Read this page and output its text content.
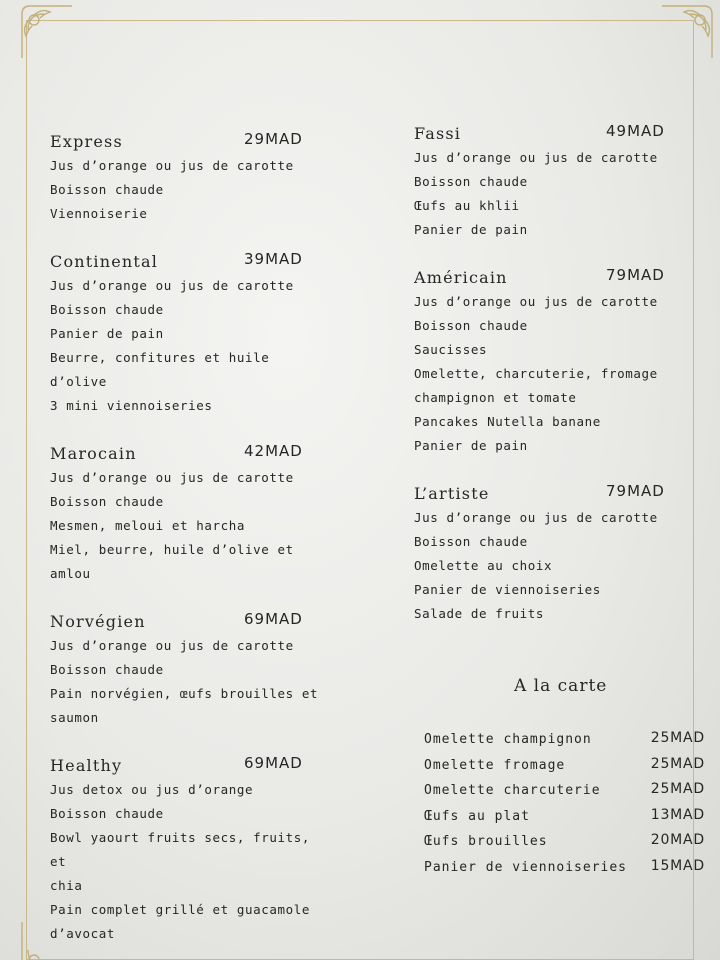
Express	29MAD
Jus d’orange ou jus de carotte
Boisson chaude
Viennoiserie
Continental	39MAD
Jus d’orange ou jus de carotte
Boisson chaude
Panier de pain
Beurre, confitures et huile d’olive
3 mini viennoiseries
Marocain	42MAD
Jus d’orange ou jus de carotte
Boisson chaude
Mesmen, meloui et harcha
Miel, beurre, huile d’olive et amlou
Norvégien	69MAD
Jus d’orange ou jus de carotte
Boisson chaude
Pain norvégien, œufs brouilles et
saumon
Healthy	69MAD
Jus detox ou jus d’orange
Boisson chaude
Bowl yaourt fruits secs, fruits, et
chia
Pain complet grillé et guacamole
d’avocat
Fassi	49MAD
Jus d’orange ou jus de carotte
Boisson chaude
Œufs au khlii
Panier de pain
Américain	79MAD
Jus d’orange ou jus de carotte
Boisson chaude
Saucisses
Omelette, charcuterie, fromage
champignon et tomate
Pancakes Nutella banane
Panier de pain
L’artiste	79MAD
Jus d’orange ou jus de carotte
Boisson chaude
Omelette au choix
Panier de viennoiseries
Salade de fruits
A la carte
Omelette champignon	25MAD
Omelette fromage	25MAD
Omelette charcuterie	25MAD
Œufs au plat	13MAD
Œufs brouilles	20MAD
Panier de viennoiseries 15MAD
